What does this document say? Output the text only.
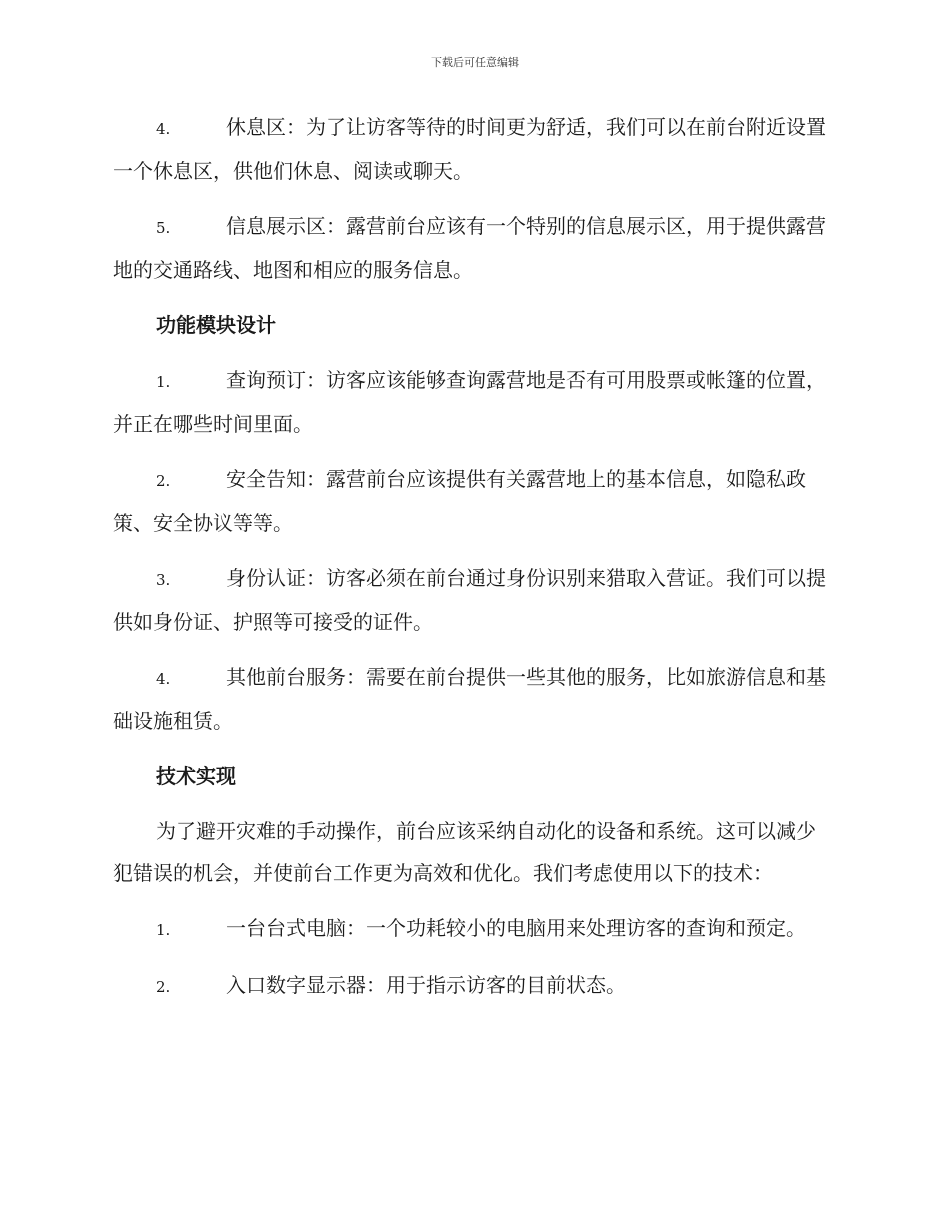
下载后可任意编辑

4.	休息区：为了让访客等待的时间更为舒适，我们可以在前台附近设置一个休息区，供他们休息、阅读或聊天。

5.	信息展示区：露营前台应该有一个特别的信息展示区，用于提供露营地的交通路线、地图和相应的服务信息。

功能模块设计

1.	查询预订：访客应该能够查询露营地是否有可用股票或帐篷的位置，并正在哪些时间里面。

2.	安全告知：露营前台应该提供有关露营地上的基本信息，如隐私政策、安全协议等等。

3.	身份认证：访客必须在前台通过身份识别来猎取入营证。我们可以提供如身份证、护照等可接受的证件。

4.	其他前台服务：需要在前台提供一些其他的服务，比如旅游信息和基础设施租赁。

技术实现

为了避开灾难的手动操作，前台应该采纳自动化的设备和系统。这可以减少犯错误的机会，并使前台工作更为高效和优化。我们考虑使用以下的技术：

1.	一台台式电脑：一个功耗较小的电脑用来处理访客的查询和预定。

2.	入口数字显示器：用于指示访客的目前状态。
